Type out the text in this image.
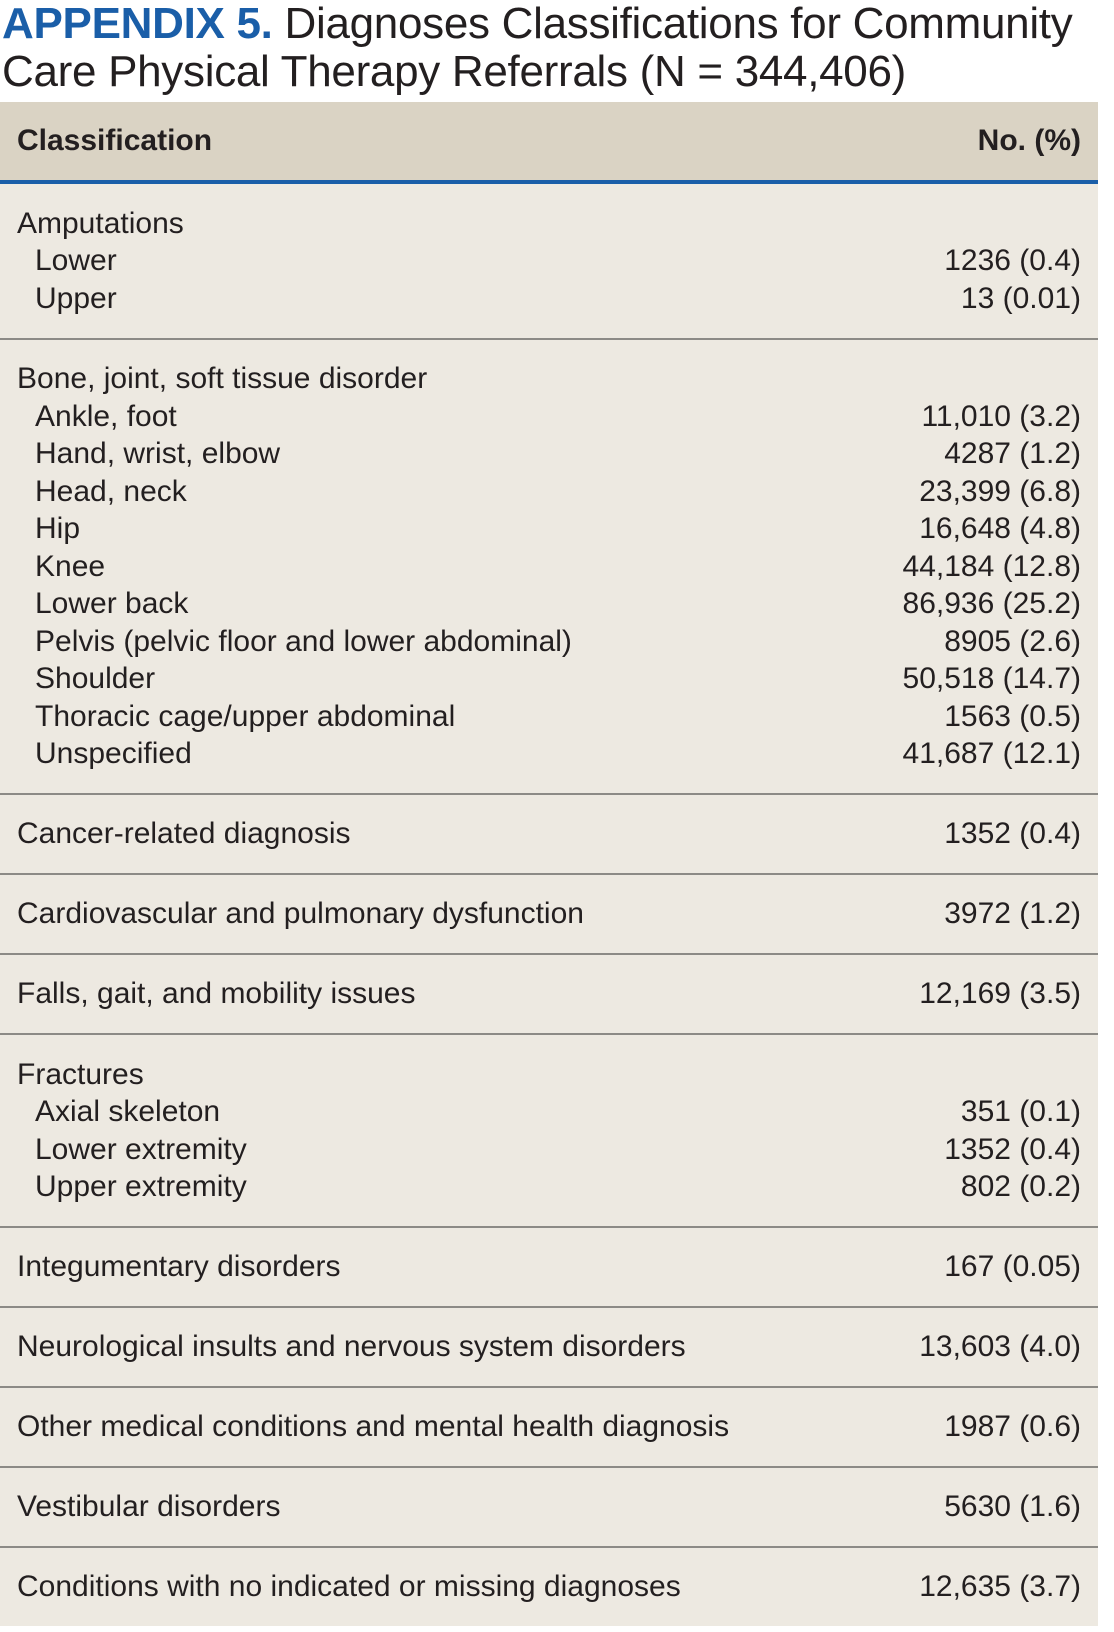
APPENDIX 5. Diagnoses Classifications for Community Care Physical Therapy Referrals (N = 344,406)
Classification	No. (%)
Amputations
Lower	1236 (0.4)
Upper	13 (0.01)
Bone, joint, soft tissue disorder
Ankle, foot	11,010 (3.2)
Hand, wrist, elbow	4287 (1.2)
Head, neck	23,399 (6.8)
Hip	16,648 (4.8)
Knee	44,184 (12.8)
Lower back	86,936 (25.2)
Pelvis (pelvic floor and lower abdominal)	8905 (2.6)
Shoulder	50,518 (14.7)
Thoracic cage/upper abdominal	1563 (0.5)
Unspecified	41,687 (12.1)
Cancer-related diagnosis	1352 (0.4)
Cardiovascular and pulmonary dysfunction	3972 (1.2)
Falls, gait, and mobility issues	12,169 (3.5)
Fractures
Axial skeleton	351 (0.1)
Lower extremity	1352 (0.4)
Upper extremity	802 (0.2)
Integumentary disorders	167 (0.05)
Neurological insults and nervous system disorders	13,603 (4.0)
Other medical conditions and mental health diagnosis	1987 (0.6)
Vestibular disorders	5630 (1.6)
Conditions with no indicated or missing diagnoses	12,635 (3.7)
